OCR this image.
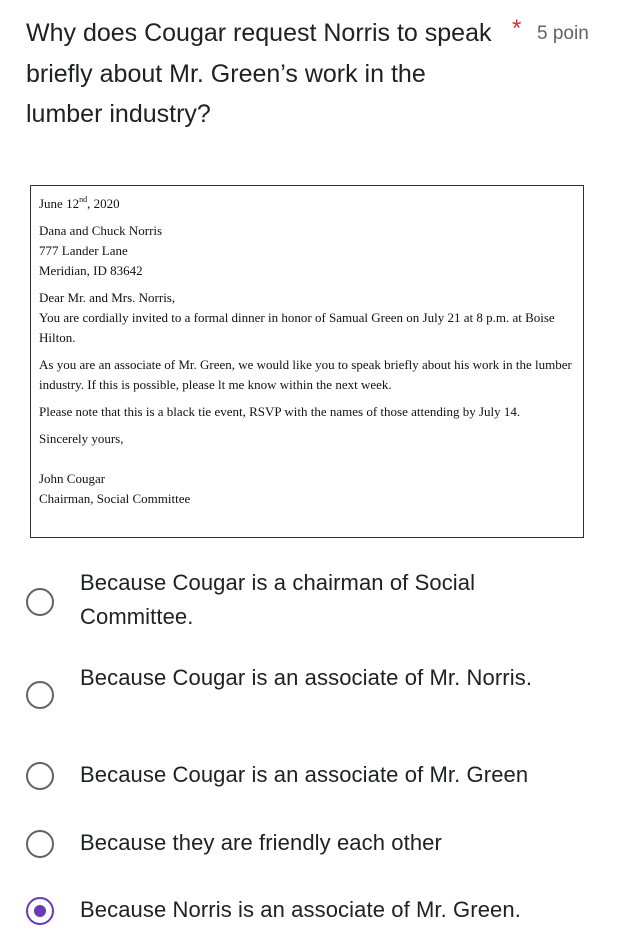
Why does Cougar request Norris to speak briefly about Mr. Green’s work in the lumber industry?
* 5 poin

June 12nd, 2020

Dana and Chuck Norris

777 Lander Lane

Meridian, ID 83642

Dear Mr. and Mrs. Norris,

You are cordially invited to a formal dinner in honor of Samual Green on July 21 at 8 p.m. at Boise Hilton.

As you are an associate of Mr. Green, we would like you to speak briefly about his work in the lumber industry. If this is possible, please lt me know within the next week.

Please note that this is a black tie event, RSVP with the names of those attending by July 14.

Sincerely yours,

John Cougar

Chairman, Social Committee

Because Cougar is a chairman of Social Committee.
Because Cougar is an associate of Mr. Norris.
Because Cougar is an associate of Mr. Green
Because they are friendly each other
Because Norris is an associate of Mr. Green.
